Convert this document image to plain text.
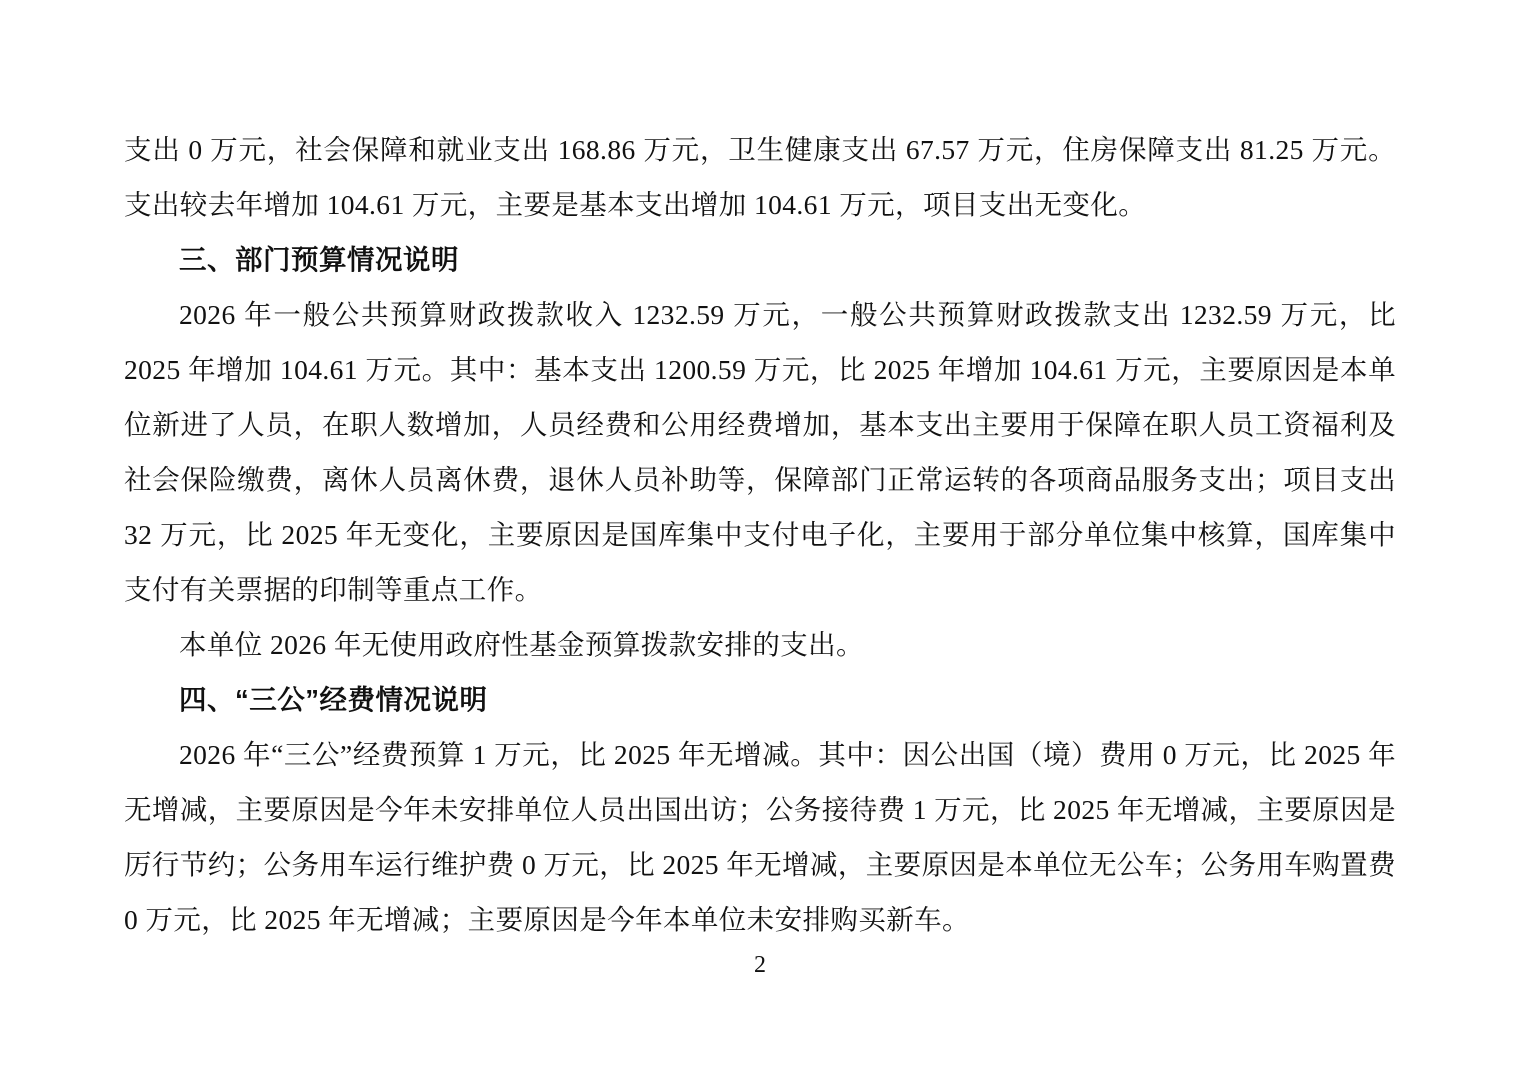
支出 0 万元，社会保障和就业支出 168.86 万元，卫生健康支出 67.57 万元，住房保障支出 81.25 万元。支出较去年增加 104.61 万元，主要是基本支出增加 104.61 万元，项目支出无变化。

三、部门预算情况说明

2026 年一般公共预算财政拨款收入 1232.59 万元，一般公共预算财政拨款支出 1232.59 万元，比 2025 年增加 104.61 万元。其中：基本支出 1200.59 万元，比 2025 年增加 104.61 万元，主要原因是本单位新进了人员，在职人数增加，人员经费和公用经费增加，基本支出主要用于保障在职人员工资福利及社会保险缴费，离休人员离休费，退休人员补助等，保障部门正常运转的各项商品服务支出；项目支出 32 万元，比 2025 年无变化，主要原因是国库集中支付电子化，主要用于部分单位集中核算，国库集中支付有关票据的印制等重点工作。

本单位 2026 年无使用政府性基金预算拨款安排的支出。

四、“三公”经费情况说明

2026 年“三公”经费预算 1 万元，比 2025 年无增减。其中：因公出国（境）费用 0 万元，比 2025 年无增减，主要原因是今年未安排单位人员出国出访；公务接待费 1 万元，比 2025 年无增减，主要原因是厉行节约；公务用车运行维护费 0 万元，比 2025 年无增减，主要原因是本单位无公车；公务用车购置费 0 万元，比 2025 年无增减；主要原因是今年本单位未安排购买新车。

2
